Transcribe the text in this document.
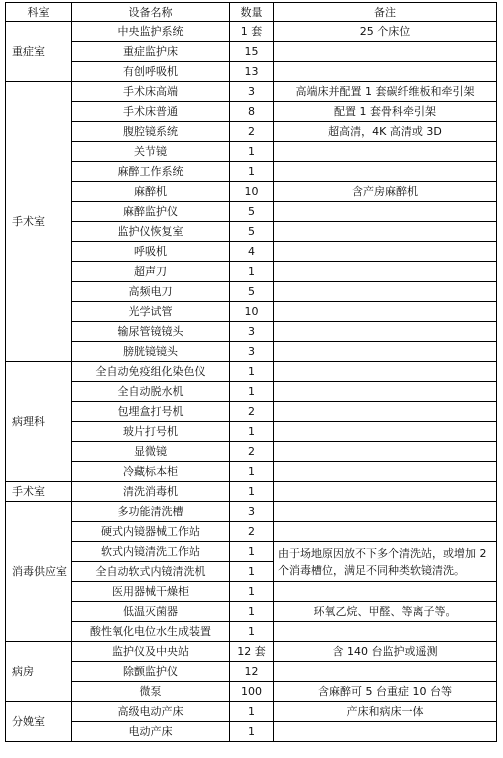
科室	设备名称	数量	备注
重症室	中央监护系统	1 套	25 个床位
	重症监护床	15	
	有创呼吸机	13	
手术室	手术床高端	3	高端床并配置 1 套碳纤维板和牵引架
	手术床普通	8	配置 1 套骨科牵引架
	腹腔镜系统	2	超高清，4K 高清或 3D
	关节镜	1	
	麻醉工作系统	1	
	麻醉机	10	含产房麻醉机
	麻醉监护仪	5	
	监护仪恢复室	5	
	呼吸机	4	
	超声刀	1	
	高频电刀	5	
	光学试管	10	
	输尿管镜镜头	3	
	膀胱镜镜头	3	
病理科	全自动免疫组化染色仪	1	
	全自动脱水机	1	
	包埋盒打号机	2	
	玻片打号机	1	
	显微镜	2	
	冷藏标本柜	1	
手术室	清洗消毒机	1	
消毒供应室	多功能清洗槽	3	
	硬式内镜器械工作站	2	
	软式内镜清洗工作站	1	由于场地原因放不下多个清洗站，或增加 2 个消毒槽位，满足不同种类软镜清洗。
	全自动软式内镜清洗机	1	
	医用器械干燥柜	1	
	低温灭菌器	1	环氧乙烷、甲醛、等离子等。
	酸性氧化电位水生成装置	1	
病房	监护仪及中央站	12 套	含 140 台监护或遥测
	除颤监护仪	12	
	微泵	100	含麻醉可 5 台重症 10 台等
分娩室	高级电动产床	1	产床和病床一体
	电动产床	1	
